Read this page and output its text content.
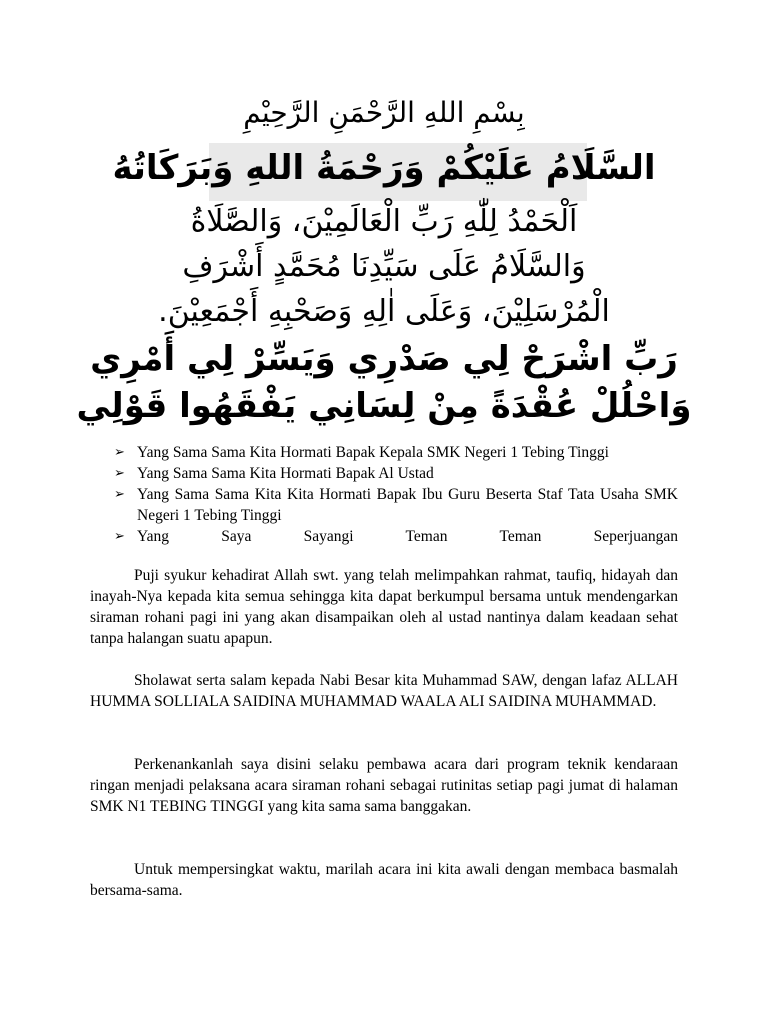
بِسْمِ اللهِ الرَّحْمَنِ الرَّحِيْمِ
السَّلَامُ عَلَيْكُمْ وَرَحْمَةُ اللهِ وَبَرَكَاتُهُ
اَلْحَمْدُ لِلّٰهِ رَبِّ الْعَالَمِيْنَ، وَالصَّلَاةُ
وَالسَّلَامُ عَلَى سَيِّدِنَا مُحَمَّدٍ أَشْرَفِ
الْمُرْسَلِيْنَ، وَعَلَى اٰلِهِ وَصَحْبِهِ أَجْمَعِيْنَ.
رَبِّ اشْرَحْ لِي صَدْرِي وَيَسِّرْ لِي أَمْرِي
وَاحْلُلْ عُقْدَةً مِنْ لِسَانِي يَفْقَهُوا قَوْلِي
➢ Yang Sama Sama Kita Hormati Bapak Kepala SMK Negeri 1 Tebing Tinggi
➢ Yang Sama Sama Kita Hormati Bapak Al Ustad
➢ Yang Sama Sama Kita Kita Hormati Bapak Ibu Guru Beserta Staf Tata Usaha SMK Negeri 1 Tebing Tinggi
➢ Yang Saya Sayangi Teman Teman Seperjuangan

Puji syukur kehadirat Allah swt. yang telah melimpahkan rahmat, taufiq, hidayah dan inayah-Nya kepada kita semua sehingga kita dapat berkumpul bersama untuk mendengarkan siraman rohani pagi ini yang akan disampaikan oleh al ustad nantinya dalam keadaan sehat tanpa halangan suatu apapun.

Sholawat serta salam kepada Nabi Besar kita Muhammad SAW, dengan lafaz ALLAH HUMMA SOLLIALA SAIDINA MUHAMMAD WAALA ALI SAIDINA MUHAMMAD.

Perkenankanlah saya disini selaku pembawa acara dari program teknik kendaraan ringan menjadi pelaksana acara siraman rohani sebagai rutinitas setiap pagi jumat di halaman SMK N1 TEBING TINGGI yang kita sama sama banggakan.

Untuk mempersingkat waktu, marilah acara ini kita awali dengan membaca basmalah bersama-sama.
